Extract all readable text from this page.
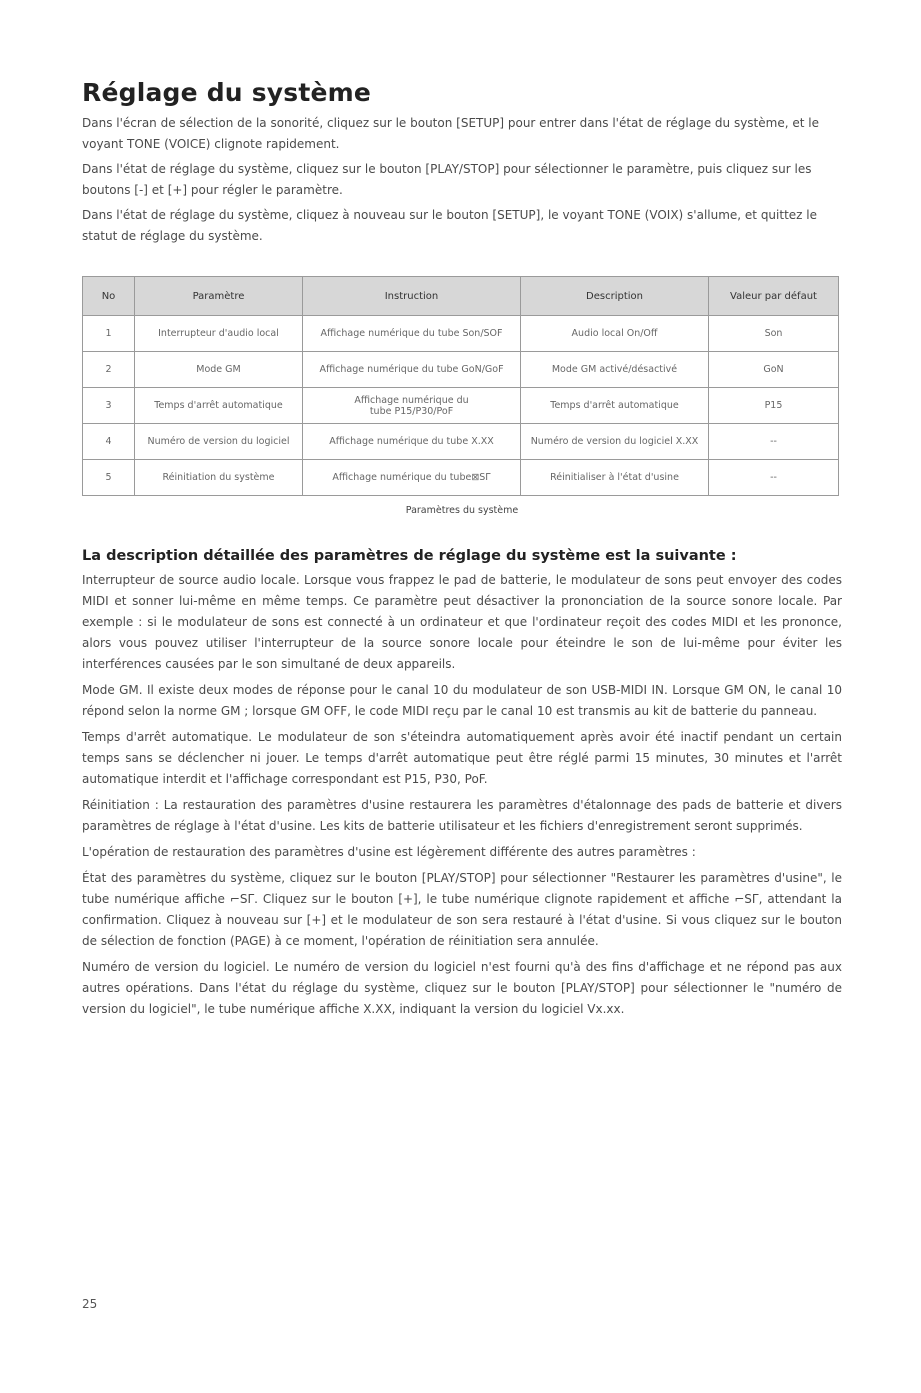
Réglage du système

Dans l'écran de sélection de la sonorité, cliquez sur le bouton [SETUP] pour entrer dans l'état de réglage du système, et le voyant TONE (VOICE) clignote rapidement.

Dans l'état de réglage du système, cliquez sur le bouton [PLAY/STOP] pour sélectionner le paramètre, puis cliquez sur les boutons [-] et [+] pour régler le paramètre.

Dans l'état de réglage du système, cliquez à nouveau sur le bouton [SETUP], le voyant TONE (VOIX) s'allume, et quittez le statut de réglage du système.

No	Paramètre	Instruction	Description	Valeur par défaut
1	Interrupteur d'audio local	Affichage numérique du tube Son/SOF	Audio local On/Off	Son
2	Mode GM	Affichage numérique du tube GoN/GoF	Mode GM activé/désactivé	GoN
3	Temps d'arrêt automatique	Affichage numérique du tube P15/P30/PoF	Temps d'arrêt automatique	P15
4	Numéro de version du logiciel	Affichage numérique du tube X.XX	Numéro de version du logiciel X.XX	--
5	Réinitiation du système	Affichage numérique du tube⊠SΓ	Réinitialiser à l'état d'usine	--
Paramètres du système
La description détaillée des paramètres de réglage du système est la suivante :

Interrupteur de source audio locale. Lorsque vous frappez le pad de batterie, le modulateur de sons peut envoyer des codes MIDI et sonner lui-même en même temps. Ce paramètre peut désactiver la prononciation de la source sonore locale. Par exemple : si le modulateur de sons est connecté à un ordinateur et que l'ordinateur reçoit des codes MIDI et les prononce, alors vous pouvez utiliser l'interrupteur de la source sonore locale pour éteindre le son de lui-même pour éviter les interférences causées par le son simultané de deux appareils.

Mode GM. Il existe deux modes de réponse pour le canal 10 du modulateur de son USB-MIDI IN. Lorsque GM ON, le canal 10 répond selon la norme GM ; lorsque GM OFF, le code MIDI reçu par le canal 10 est transmis au kit de batterie du panneau.

Temps d'arrêt automatique. Le modulateur de son s'éteindra automatiquement après avoir été inactif pendant un certain temps sans se déclencher ni jouer. Le temps d'arrêt automatique peut être réglé parmi 15 minutes, 30 minutes et l'arrêt automatique interdit et l'affichage correspondant est P15, P30, PoF.

Réinitiation : La restauration des paramètres d'usine restaurera les paramètres d'étalonnage des pads de batterie et divers paramètres de réglage à l'état d'usine. Les kits de batterie utilisateur et les fichiers d'enregistrement seront supprimés.

L'opération de restauration des paramètres d'usine est légèrement différente des autres paramètres :

État des paramètres du système, cliquez sur le bouton [PLAY/STOP] pour sélectionner "Restaurer les paramètres d'usine", le tube numérique affiche ⌐SΓ. Cliquez sur le bouton [+], le tube numérique clignote rapidement et affiche ⌐SΓ, attendant la confirmation. Cliquez à nouveau sur [+] et le modulateur de son sera restauré à l'état d'usine. Si vous cliquez sur le bouton de sélection de fonction (PAGE) à ce moment, l'opération de réinitiation sera annulée.

Numéro de version du logiciel. Le numéro de version du logiciel n'est fourni qu'à des fins d'affichage et ne répond pas aux autres opérations. Dans l'état du réglage du système, cliquez sur le bouton [PLAY/STOP] pour sélectionner le "numéro de version du logiciel", le tube numérique affiche X.XX, indiquant la version du logiciel Vx.xx.

25
